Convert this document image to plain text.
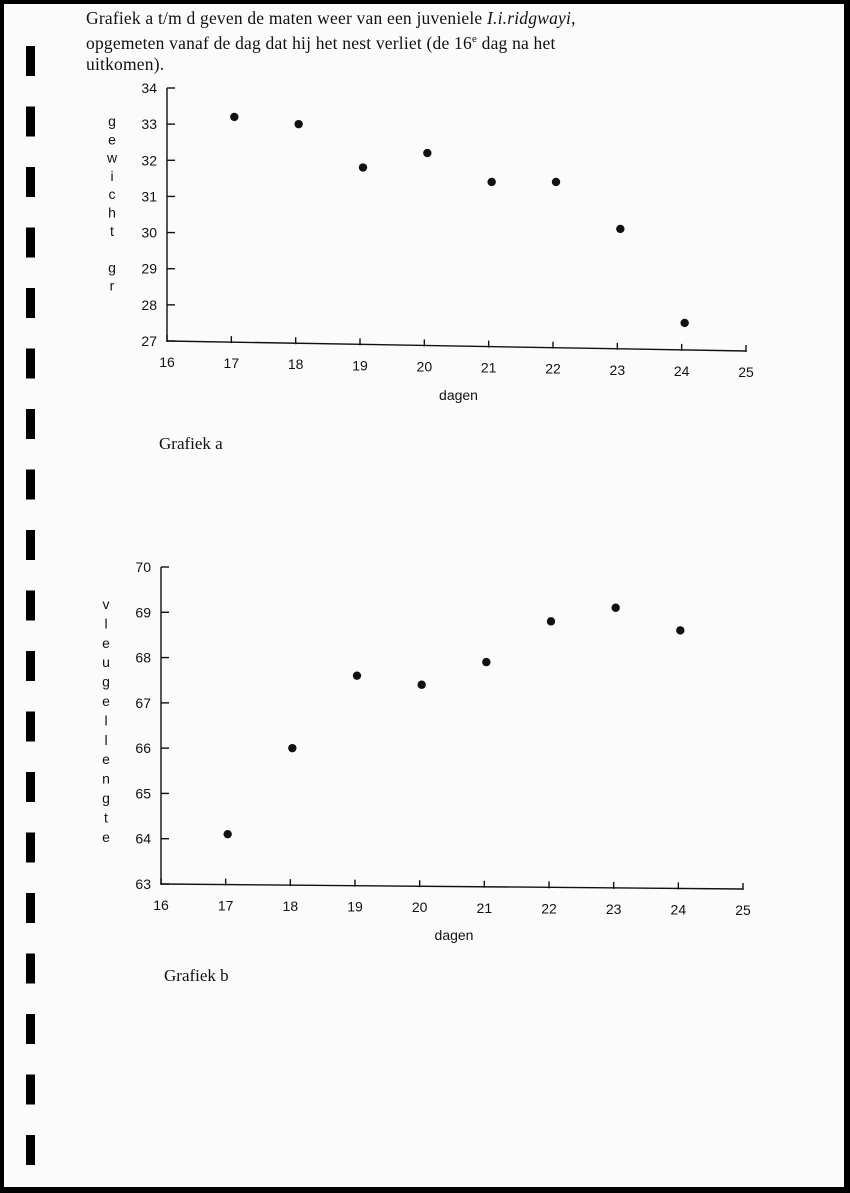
Grafiek a t/m d geven de maten weer van een juveniele I.i.ridgwayi,

opgemeten vanaf de dag dat hij het nest verliet (de 16e dag na het

uitkomen).

27
28
29
30
31
32
33
34
16	17	18	19	20	21	22	23	24	25
dagen
g
e
w
i
c
h
t
g
r
Grafiek a
63
64
65
66
67
68
69
70
16	17	18	19	20	21	22	23	24	25
dagen
v
l
e
u
g
e
l
l
e
n
g
t
e
Grafiek b
